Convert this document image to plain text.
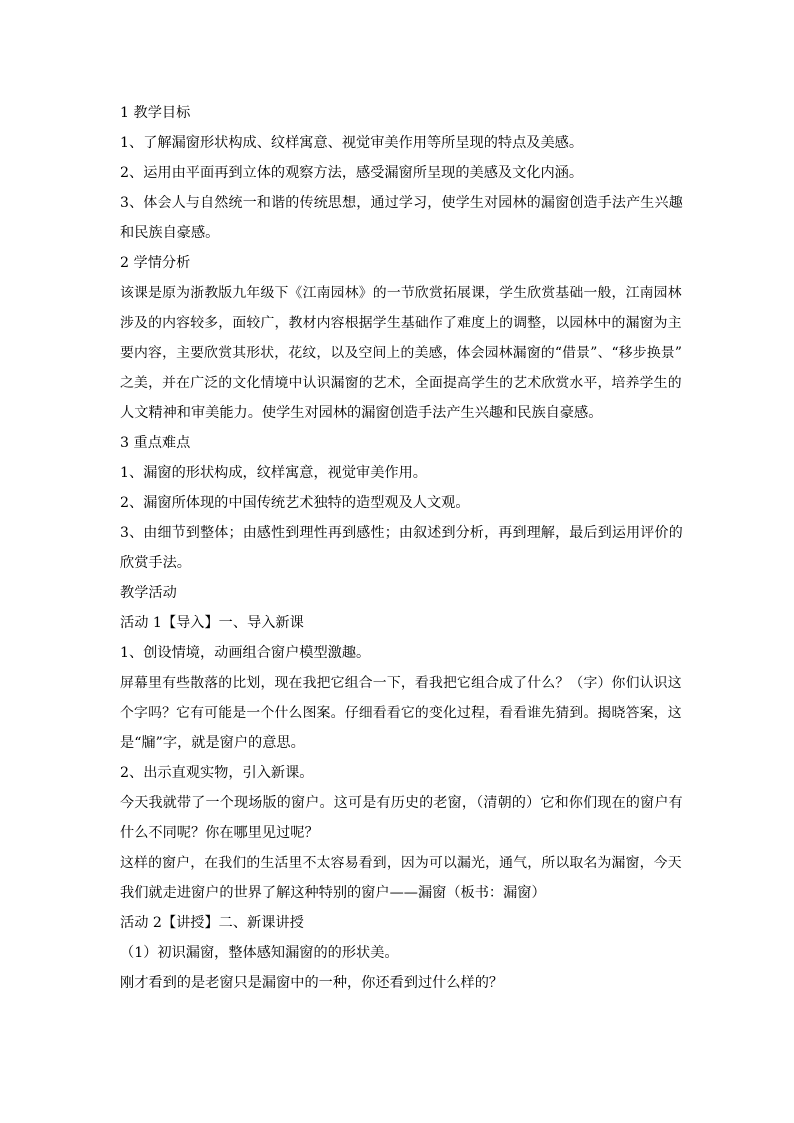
1 教学目标
1、了解漏窗形状构成、纹样寓意、视觉审美作用等所呈现的特点及美感。
2、运用由平面再到立体的观察方法，感受漏窗所呈现的美感及文化内涵。
3、体会人与自然统一和谐的传统思想，通过学习，使学生对园林的漏窗创造手法产生兴趣
和民族自豪感。
2 学情分析
该课是原为浙教版九年级下《江南园林》的一节欣赏拓展课，学生欣赏基础一般，江南园林
涉及的内容较多，面较广，教材内容根据学生基础作了难度上的调整，以园林中的漏窗为主
要内容，主要欣赏其形状，花纹，以及空间上的美感，体会园林漏窗的“借景”、“移步换景”
之美，并在广泛的文化情境中认识漏窗的艺术，全面提高学生的艺术欣赏水平，培养学生的
人文精神和审美能力。使学生对园林的漏窗创造手法产生兴趣和民族自豪感。
3 重点难点
1、漏窗的形状构成，纹样寓意，视觉审美作用。
2、漏窗所体现的中国传统艺术独特的造型观及人文观。
3、由细节到整体；由感性到理性再到感性；由叙述到分析，再到理解，最后到运用评价的
欣赏手法。
教学活动
活动 1【导入】一、导入新课
1、创设情境，动画组合窗户模型激趣。
屏幕里有些散落的比划，现在我把它组合一下，看我把它组合成了什么？（字）你们认识这
个字吗？它有可能是一个什么图案。仔细看看它的变化过程，看看谁先猜到。揭晓答案，这
是“牖”字，就是窗户的意思。
2、出示直观实物，引入新课。
今天我就带了一个现场版的窗户。这可是有历史的老窗，（清朝的）它和你们现在的窗户有
什么不同呢？你在哪里见过呢？
这样的窗户，在我们的生活里不太容易看到，因为可以漏光，通气，所以取名为漏窗，今天
我们就走进窗户的世界了解这种特别的窗户——漏窗（板书：漏窗）
活动 2【讲授】二、新课讲授
（1）初识漏窗，整体感知漏窗的的形状美。
刚才看到的是老窗只是漏窗中的一种，你还看到过什么样的？
